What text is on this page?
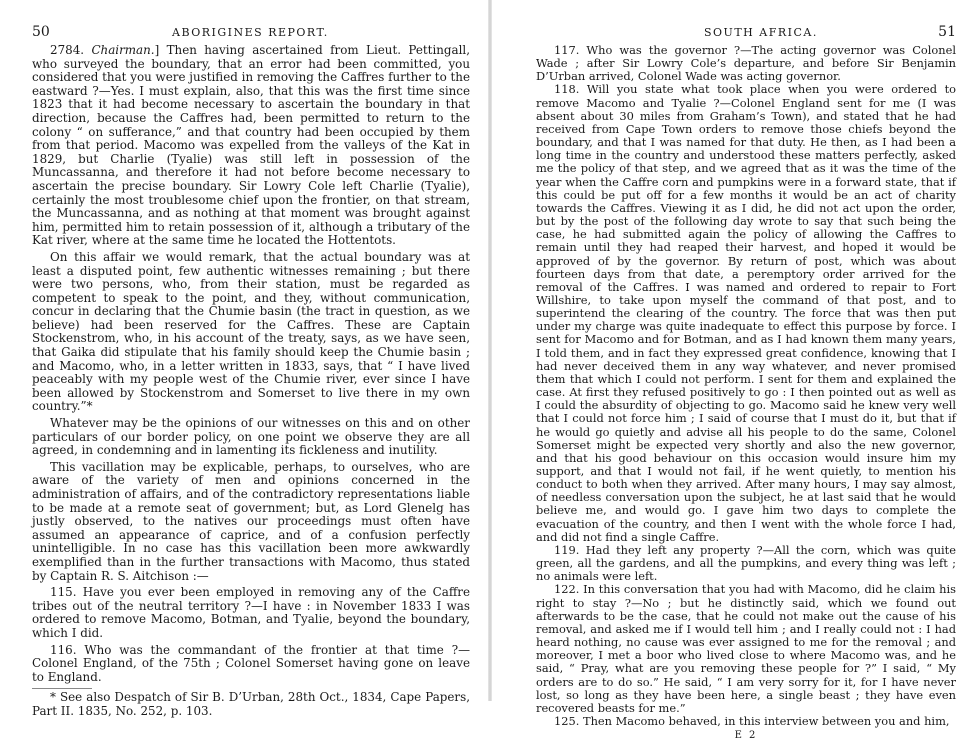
50	ABORIGINES REPORT.

2784. Chairman.] Then having ascertained from Lieut. Pettingall, who surveyed the boundary, that an error had been committed, you considered that you were justified in removing the Caffres further to the eastward ?—Yes. I must explain, also, that this was the first time since 1823 that it had become necessary to ascertain the boundary in that direction, because the Caffres had, been permitted to return to the colony “ on sufferance,” and that country had been occupied by them from that period. Macomo was expelled from the valleys of the Kat in 1829, but Charlie (Tyalie) was still left in possession of the Muncassanna, and therefore it had not before become necessary to ascertain the precise boundary. Sir Lowry Cole left Charlie (Tyalie), certainly the most troublesome chief upon the frontier, on that stream, the Muncassanna, and as nothing at that moment was brought against him, permitted him to retain possession of it, although a tributary of the Kat river, where at the same time he located the Hottentots.

On this affair we would remark, that the actual boundary was at least a disputed point, few authentic witnesses remaining ; but there were two persons, who, from their station, must be regarded as competent to speak to the point, and they, without communication, concur in declaring that the Chumie basin (the tract in question, as we believe) had been reserved for the Caffres. These are Captain Stockenstrom, who, in his account of the treaty, says, as we have seen, that Gaika did stipulate that his family should keep the Chumie basin ; and Macomo, who, in a letter written in 1833, says, that “ I have lived peaceably with my people west of the Chumie river, ever since I have been allowed by Stockenstrom and Somerset to live there in my own country.”*

Whatever may be the opinions of our witnesses on this and on other particulars of our border policy, on one point we observe they are all agreed, in condemning and in lamenting its fickleness and inutility.

This vacillation may be explicable, perhaps, to ourselves, who are aware of the variety of men and opinions concerned in the administration of affairs, and of the contradictory representations liable to be made at a remote seat of government; but, as Lord Glenelg has justly observed, to the natives our proceedings must often have assumed an appearance of caprice, and of a confusion perfectly unintelligible. In no case has this vacillation been more awkwardly exemplified than in the further transactions with Macomo, thus stated by Captain R. S. Aitchison :—

115. Have you ever been employed in removing any of the Caffre tribes out of the neutral territory ?—I have : in November 1833 I was ordered to remove Macomo, Botman, and Tyalie, beyond the boundary, which I did.

116. Who was the commandant of the frontier at that time ?—Colonel England, of the 75th ; Colonel Somerset having gone on leave to England.

* See also Despatch of Sir B. D’Urban, 28th Oct., 1834, Cape Papers, Part II. 1835, No. 252, p. 103.

SOUTH AFRICA.	51

117. Who was the governor ?—The acting governor was Colonel Wade ; after Sir Lowry Cole’s departure, and before Sir Benjamin D’Urban arrived, Colonel Wade was acting governor.

118. Will you state what took place when you were ordered to remove Macomo and Tyalie ?—Colonel England sent for me (I was absent about 30 miles from Graham’s Town), and stated that he had received from Cape Town orders to remove those chiefs beyond the boundary, and that I was named for that duty. He then, as I had been a long time in the country and understood these matters perfectly, asked me the policy of that step, and we agreed that as it was the time of the year when the Caffre corn and pumpkins were in a forward state, that if this could be put off for a few months it would be an act of charity towards the Caffres. Viewing it as I did, he did not act upon the order, but by the post of the following day wrote to say that such being the case, he had submitted again the policy of allowing the Caffres to remain until they had reaped their harvest, and hoped it would be approved of by the governor. By return of post, which was about fourteen days from that date, a peremptory order arrived for the removal of the Caffres. I was named and ordered to repair to Fort Willshire, to take upon myself the command of that post, and to superintend the clearing of the country. The force that was then put under my charge was quite inadequate to effect this purpose by force. I sent for Macomo and for Botman, and as I had known them many years, I told them, and in fact they expressed great confidence, knowing that I had never deceived them in any way whatever, and never promised them that which I could not perform. I sent for them and explained the case. At first they refused positively to go : I then pointed out as well as I could the absurdity of objecting to go. Macomo said he knew very well that I could not force him ; I said of course that I must do it, but that if he would go quietly and advise all his people to do the same, Colonel Somerset might be expected very shortly and also the new governor, and that his good behaviour on this occasion would insure him my support, and that I would not fail, if he went quietly, to mention his conduct to both when they arrived. After many hours, I may say almost, of needless conversation upon the subject, he at last said that he would believe me, and would go. I gave him two days to complete the evacuation of the country, and then I went with the whole force I had, and did not find a single Caffre.

119. Had they left any property ?—All the corn, which was quite green, all the gardens, and all the pumpkins, and every thing was left ; no animals were left.

122. In this conversation that you had with Macomo, did he claim his right to stay ?—No ; but he distinctly said, which we found out afterwards to be the case, that he could not make out the cause of his removal, and asked me if I would tell him ; and I really could not : I had heard nothing, no cause was ever assigned to me for the removal ; and moreover, I met a boor who lived close to where Macomo was, and he said, “ Pray, what are you removing these people for ?” I said, “ My orders are to do so.” He said, “ I am very sorry for it, for I have never lost, so long as they have been here, a single beast ; they have even recovered beasts for me.”

125. Then Macomo behaved, in this interview between you and him,

E 2
